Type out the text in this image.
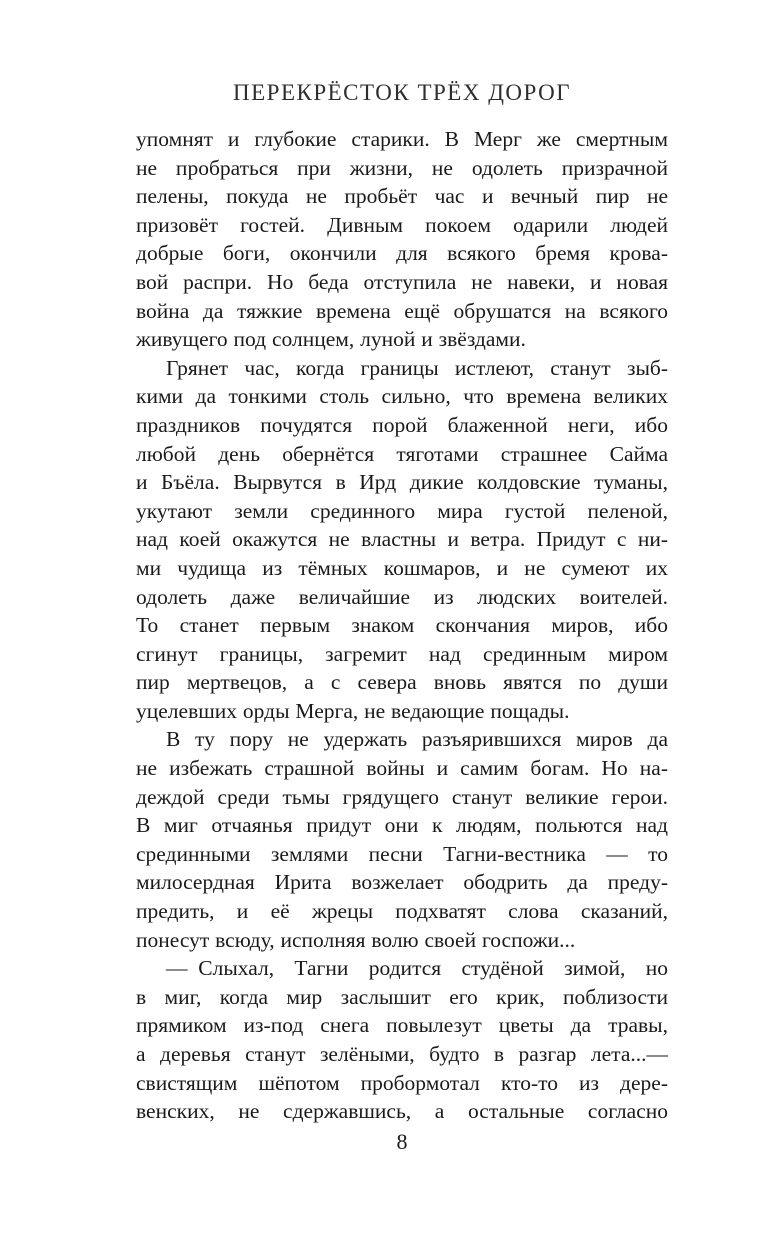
ПЕРЕКРЁСТОК ТРЁХ ДОРОГ
упомнят и глубокие старики. В Мерг же смертным
не пробраться при жизни, не одолеть призрачной
пелены, покуда не пробьёт час и вечный пир не
призовёт гостей. Дивным покоем одарили людей
добрые боги, окончили для всякого бремя крова-
вой распри. Но беда отступила не навеки, и новая
война да тяжкие времена ещё обрушатся на всякого
живущего под солнцем, луной и звёздами.
Грянет час, когда границы истлеют, станут зыб-
кими да тонкими столь сильно, что времена великих
праздников почудятся порой блаженной неги, ибо
любой день обернётся тяготами страшнее Сайма
и Бъёла. Вырвутся в Ирд дикие колдовские туманы,
укутают земли срединного мира густой пеленой,
над коей окажутся не властны и ветра. Придут с ни-
ми чудища из тёмных кошмаров, и не сумеют их
одолеть даже величайшие из людских воителей.
То станет первым знаком скончания миров, ибо
сгинут границы, загремит над срединным миром
пир мертвецов, а с севера вновь явятся по души
уцелевших орды Мерга, не ведающие пощады.
В ту пору не удержать разъярившихся миров да
не избежать страшной войны и самим богам. Но на-
деждой среди тьмы грядущего станут великие герои.
В миг отчаянья придут они к людям, польются над
срединными землями песни Тагни-вестника — то
милосердная Ирита возжелает ободрить да преду-
предить, и её жрецы подхватят слова сказаний,
понесут всюду, исполняя волю своей госпожи...
— Слыхал, Тагни родится студёной зимой, но
в миг, когда мир заслышит его крик, поблизости
прямиком из-под снега повылезут цветы да травы,
а деревья станут зелёными, будто в разгар лета...—
свистящим шёпотом пробормотал кто-то из дере-
венских, не сдержавшись, а остальные согласно
8
